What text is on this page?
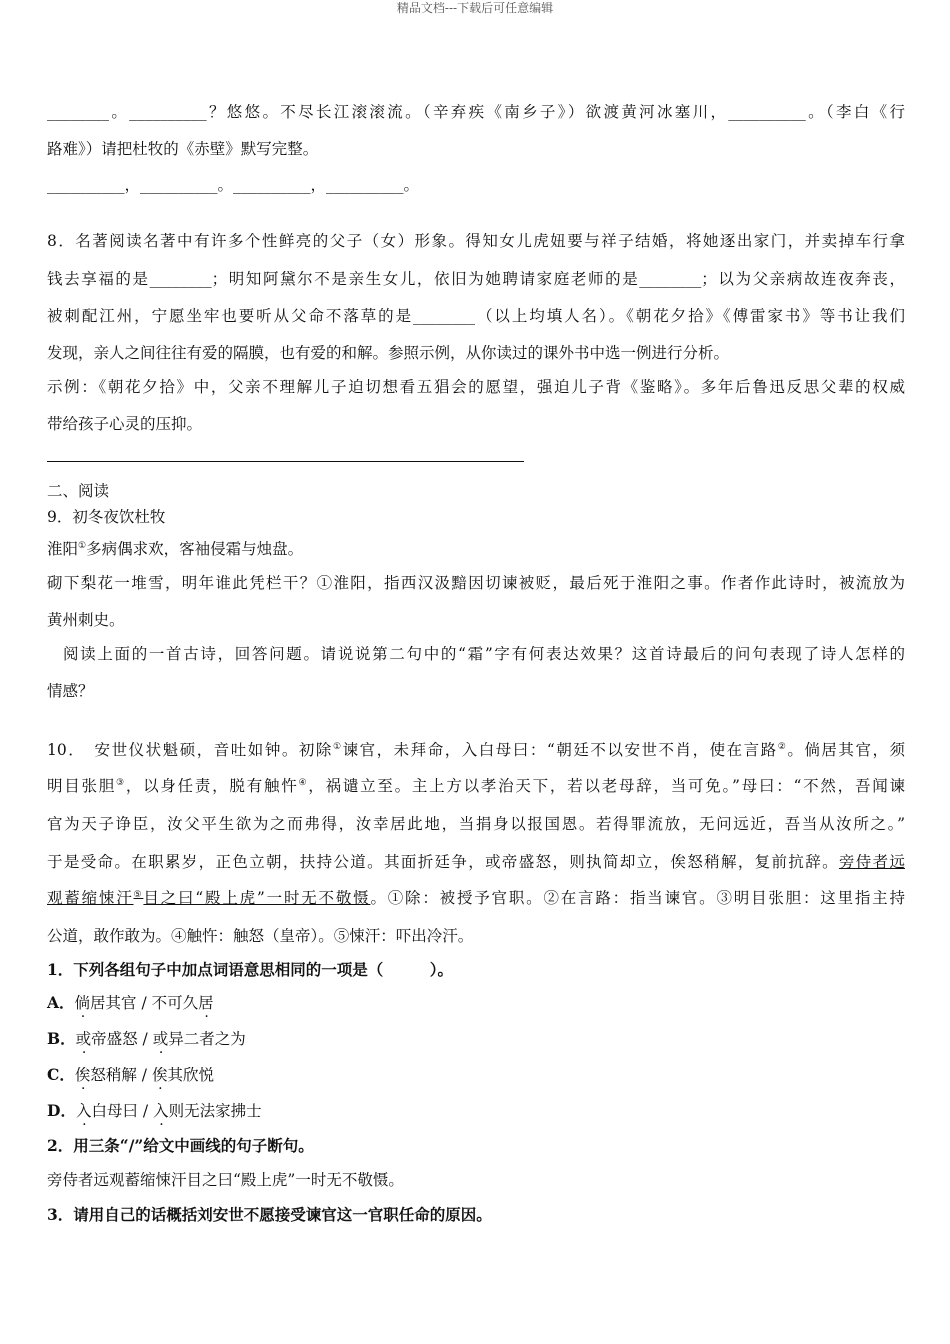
精品文档---下载后可任意编辑
________。__________？悠悠。不尽长江滚滚流。（辛弃疾《南乡子》）欲渡黄河冰塞川，__________。（李白《行
路难》）请把杜牧的《赤壁》默写完整。
__________，__________。__________，__________。
8．名著阅读名著中有许多个性鲜亮的父子（女）形象。得知女儿虎妞要与祥子结婚，将她逐出家门，并卖掉车行拿
钱去享福的是________；明知阿黛尔不是亲生女儿，依旧为她聘请家庭老师的是________；以为父亲病故连夜奔丧，
被刺配江州，宁愿坐牢也要听从父命不落草的是________（以上均填人名）。《朝花夕拾》《傅雷家书》等书让我们
发现，亲人之间往往有爱的隔膜，也有爱的和解。参照示例，从你读过的课外书中选一例进行分析。
示例：《朝花夕拾》中，父亲不理解儿子迫切想看五猖会的愿望，强迫儿子背《鉴略》。多年后鲁迅反思父辈的权威
带给孩子心灵的压抑。
二、阅读
9．初冬夜饮杜牧
淮阳①多病偶求欢，客袖侵霜与烛盘。
砌下梨花一堆雪，明年谁此凭栏干？①淮阳，指西汉汲黯因切谏被贬，最后死于淮阳之事。作者作此诗时，被流放为
黄州刺史。
阅读上面的一首古诗，回答问题。请说说第二句中的“霜”字有何表达效果？这首诗最后的问句表现了诗人怎样的
情感？
10．　安世仪状魁硕，音吐如钟。初除①谏官，未拜命，入白母曰：“朝廷不以安世不肖，使在言路②。倘居其官，须
明目张胆③，以身任责，脱有触忤④，祸谴立至。主上方以孝治天下，若以老母辞，当可免。”母曰：“不然，吾闻谏
官为天子诤臣，汝父平生欲为之而弗得，汝幸居此地，当捐身以报国恩。若得罪流放，无问远近，吾当从汝所之。”
于是受命。在职累岁，正色立朝，扶持公道。其面折廷争，或帝盛怒，则执简却立，俟怒稍解，复前抗辞。旁侍者远
观蓄缩悚汗⑤目之曰“殿上虎”一时无不敬慑。①除：被授予官职。②在言路：指当谏官。③明目张胆：这里指主持
公道，敢作敢为。④触忤：触怒（皇帝）。⑤悚汗：吓出冷汗。
1．下列各组句子中加点词语意思相同的一项是（　　　）。
A．倘居其官 / 不可久居
B．或帝盛怒 / 或异二者之为
C．俟怒稍解 / 俟其欣悦
D．入白母曰 / 入则无法家拂士
2．用三条“/”给文中画线的句子断句。
旁侍者远观蓄缩悚汗目之曰“殿上虎”一时无不敬慑。
3．请用自己的话概括刘安世不愿接受谏官这一官职任命的原因。
